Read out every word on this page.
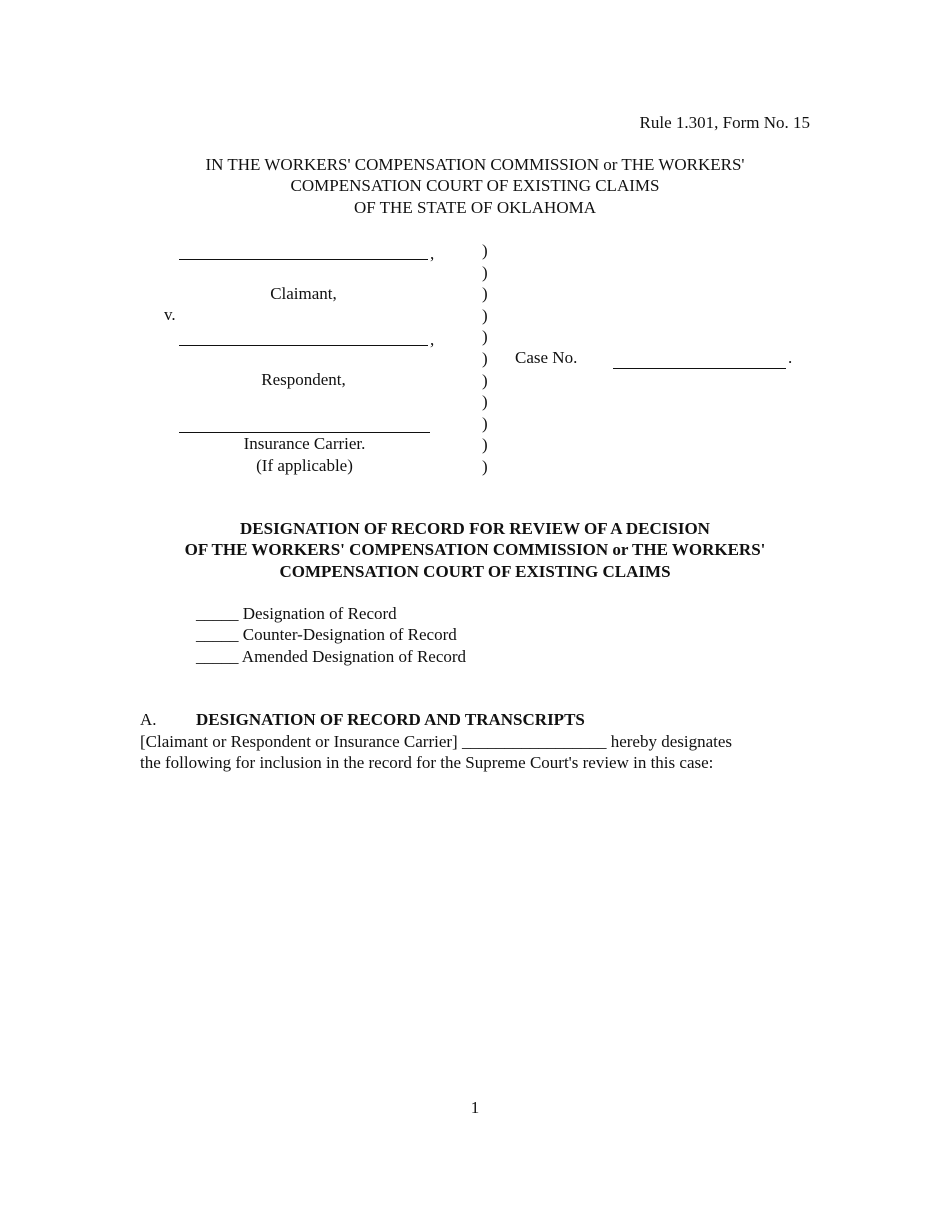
Rule 1.301, Form No. 15
IN THE WORKERS' COMPENSATION COMMISSION or THE WORKERS'
COMPENSATION COURT OF EXISTING CLAIMS
OF THE STATE OF OKLAHOMA
,
Claimant,
v.
,
Respondent,
Insurance Carrier.
(If applicable)
)
)
)
)
)
)
)
)
)
)
)
Case No.	.
DESIGNATION OF RECORD FOR REVIEW OF A DECISION
OF THE WORKERS' COMPENSATION COMMISSION or THE WORKERS'
COMPENSATION COURT OF EXISTING CLAIMS
_____ Designation of Record
_____ Counter-Designation of Record
_____ Amended Designation of Record
A. DESIGNATION OF RECORD AND TRANSCRIPTS
[Claimant or Respondent or Insurance Carrier] _________________ hereby designates
the following for inclusion in the record for the Supreme Court's review in this case:
1
